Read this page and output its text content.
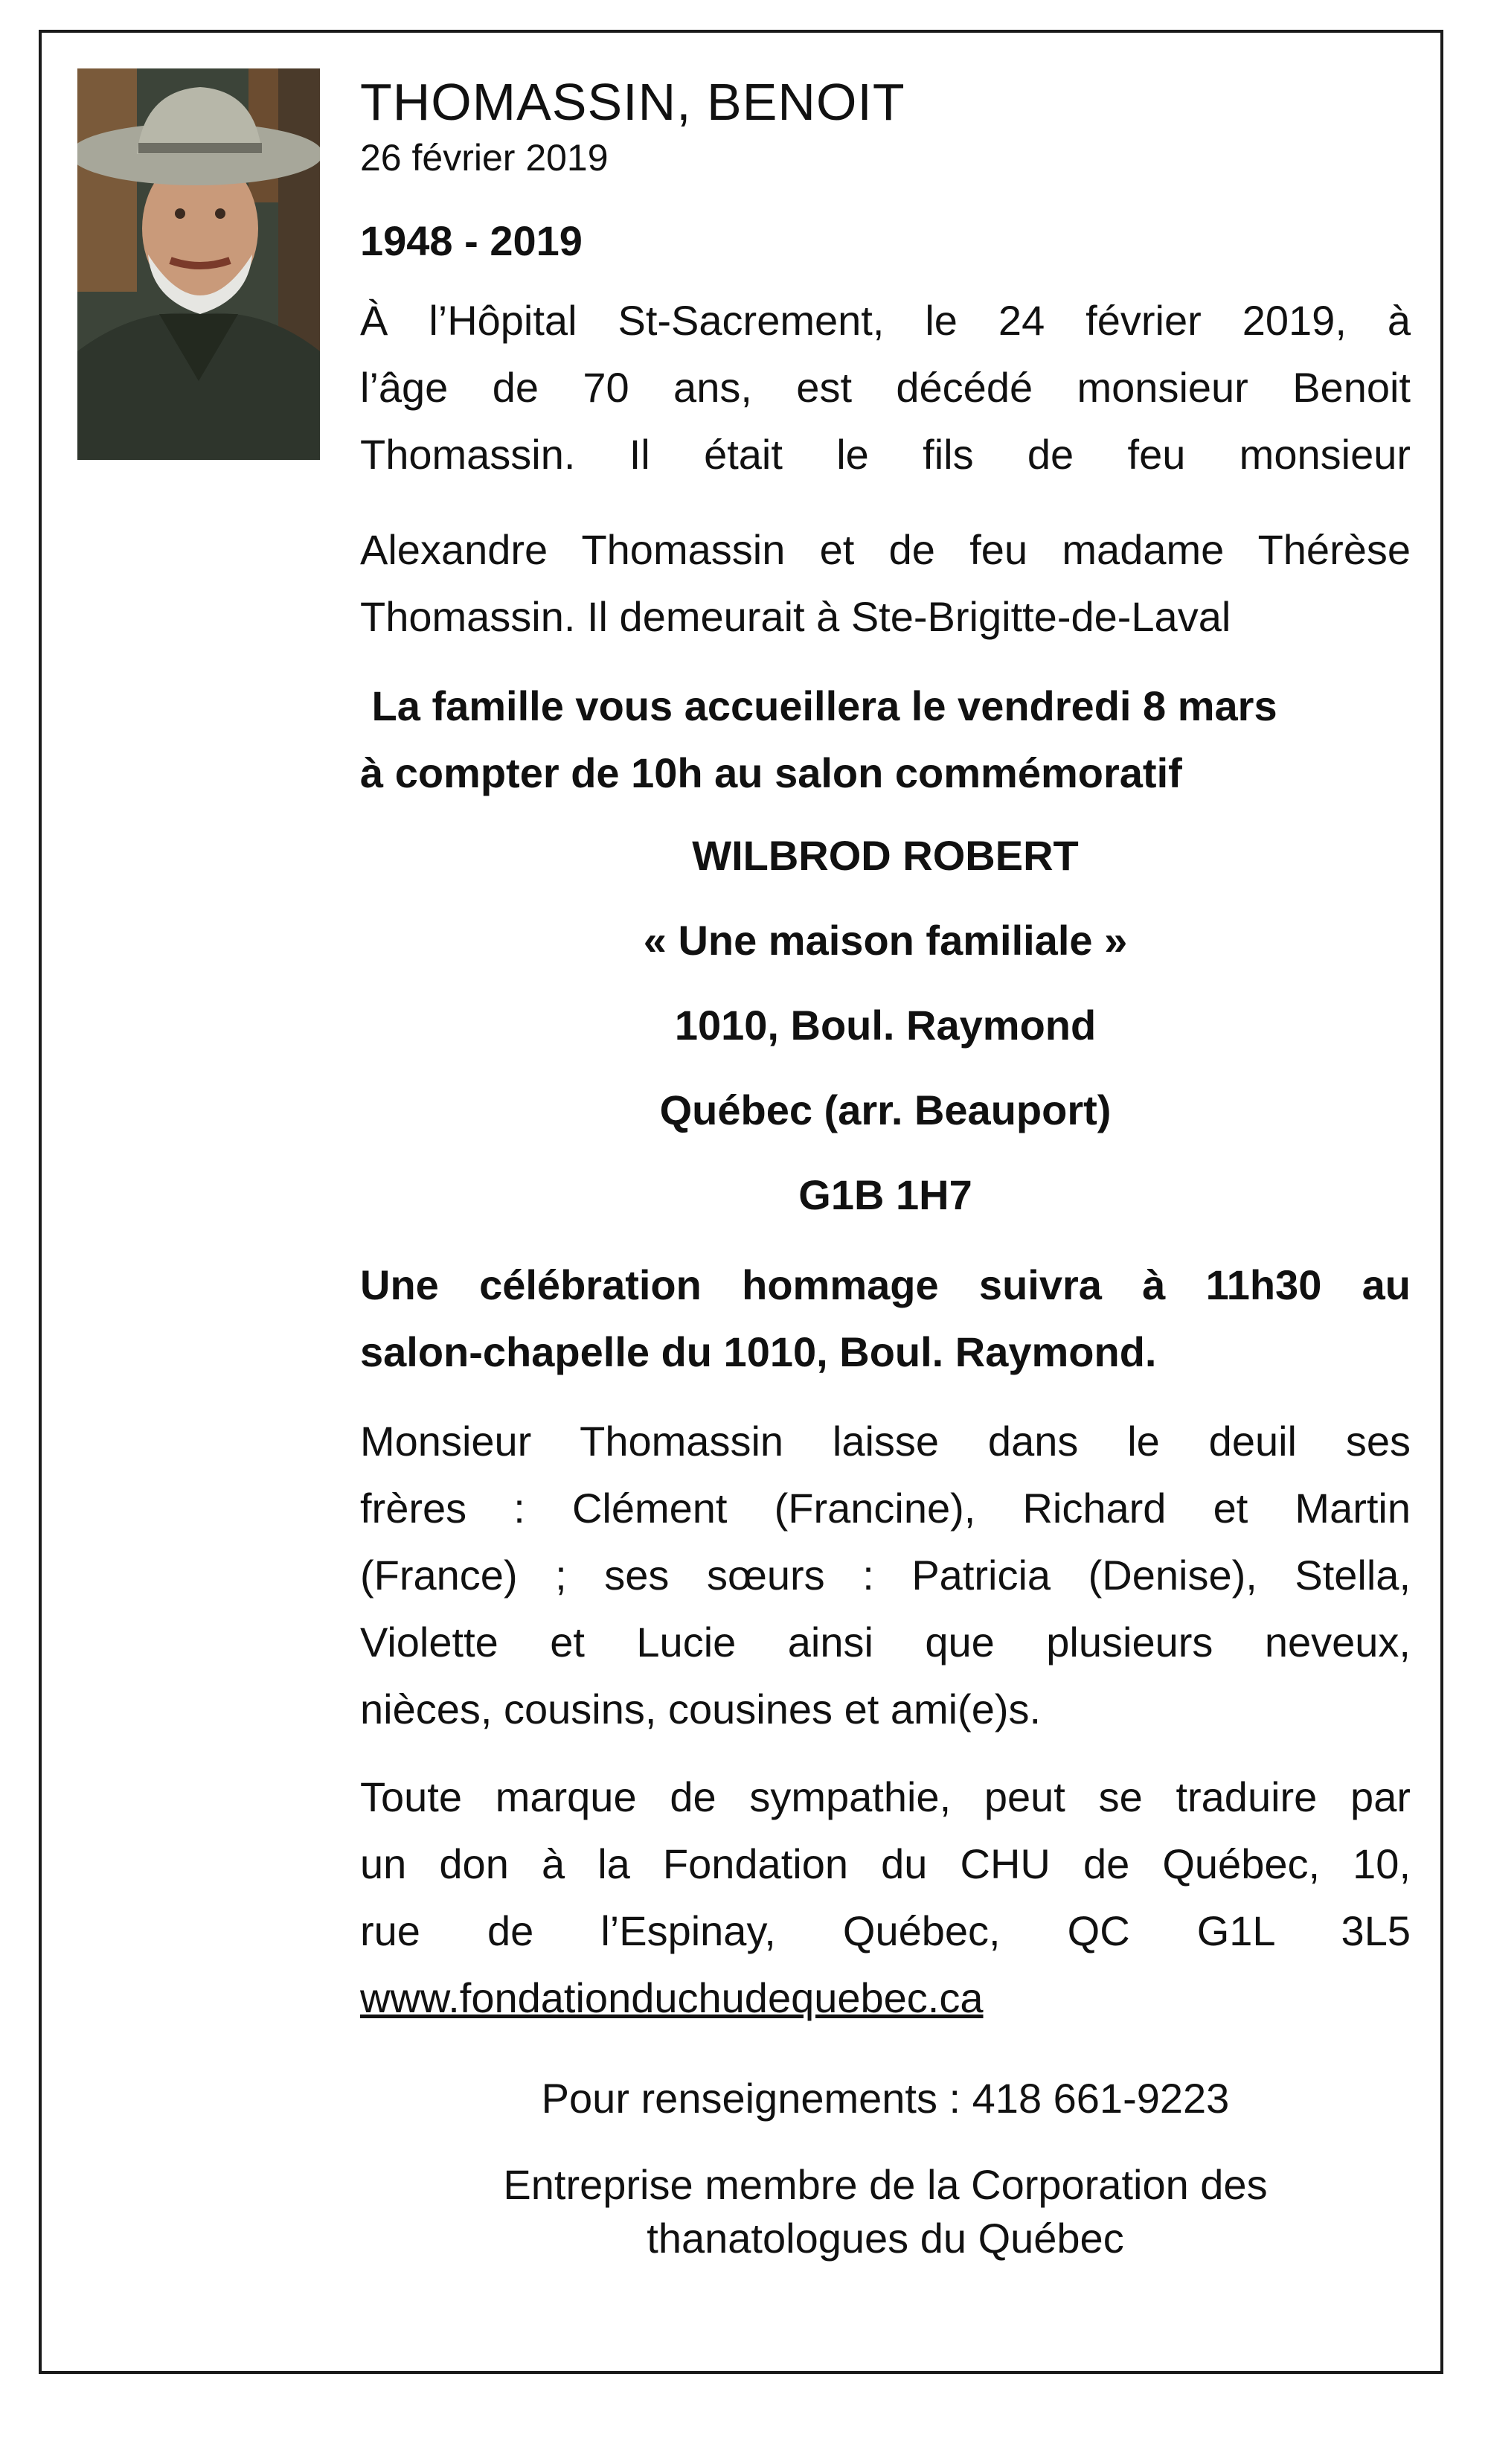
THOMASSIN, BENOIT
26 février 2019
1948 - 2019

À l’Hôpital St-Sacrement, le 24 février 2019, à

l’âge de 70 ans, est décédé monsieur Benoit

Thomassin. Il était le fils de feu monsieur

Alexandre Thomassin et de feu madame Thérèse

Thomassin. Il demeurait à Ste-Brigitte-de-Laval

La famille vous accueillera le vendredi 8 mars

à compter de 10h au salon commémoratif

WILBROD ROBERT
« Une maison familiale »
1010, Boul. Raymond
Québec (arr. Beauport)
G1B 1H7

Une célébration hommage suivra à 11h30 au

salon-chapelle du 1010, Boul. Raymond.

Monsieur Thomassin laisse dans le deuil ses

frères : Clément (Francine), Richard et Martin

(France) ; ses sœurs : Patricia (Denise), Stella,

Violette et Lucie ainsi que plusieurs neveux,

nièces, cousins, cousines et ami(e)s.

Toute marque de sympathie, peut se traduire par

un don à la Fondation du CHU de Québec, 10,

rue de l’Espinay, Québec, QC G1L 3L5

www.fondationduchudequebec.ca

Pour renseignements : 418 661-9223
Entreprise membre de la Corporation des
thanatologues du Québec
